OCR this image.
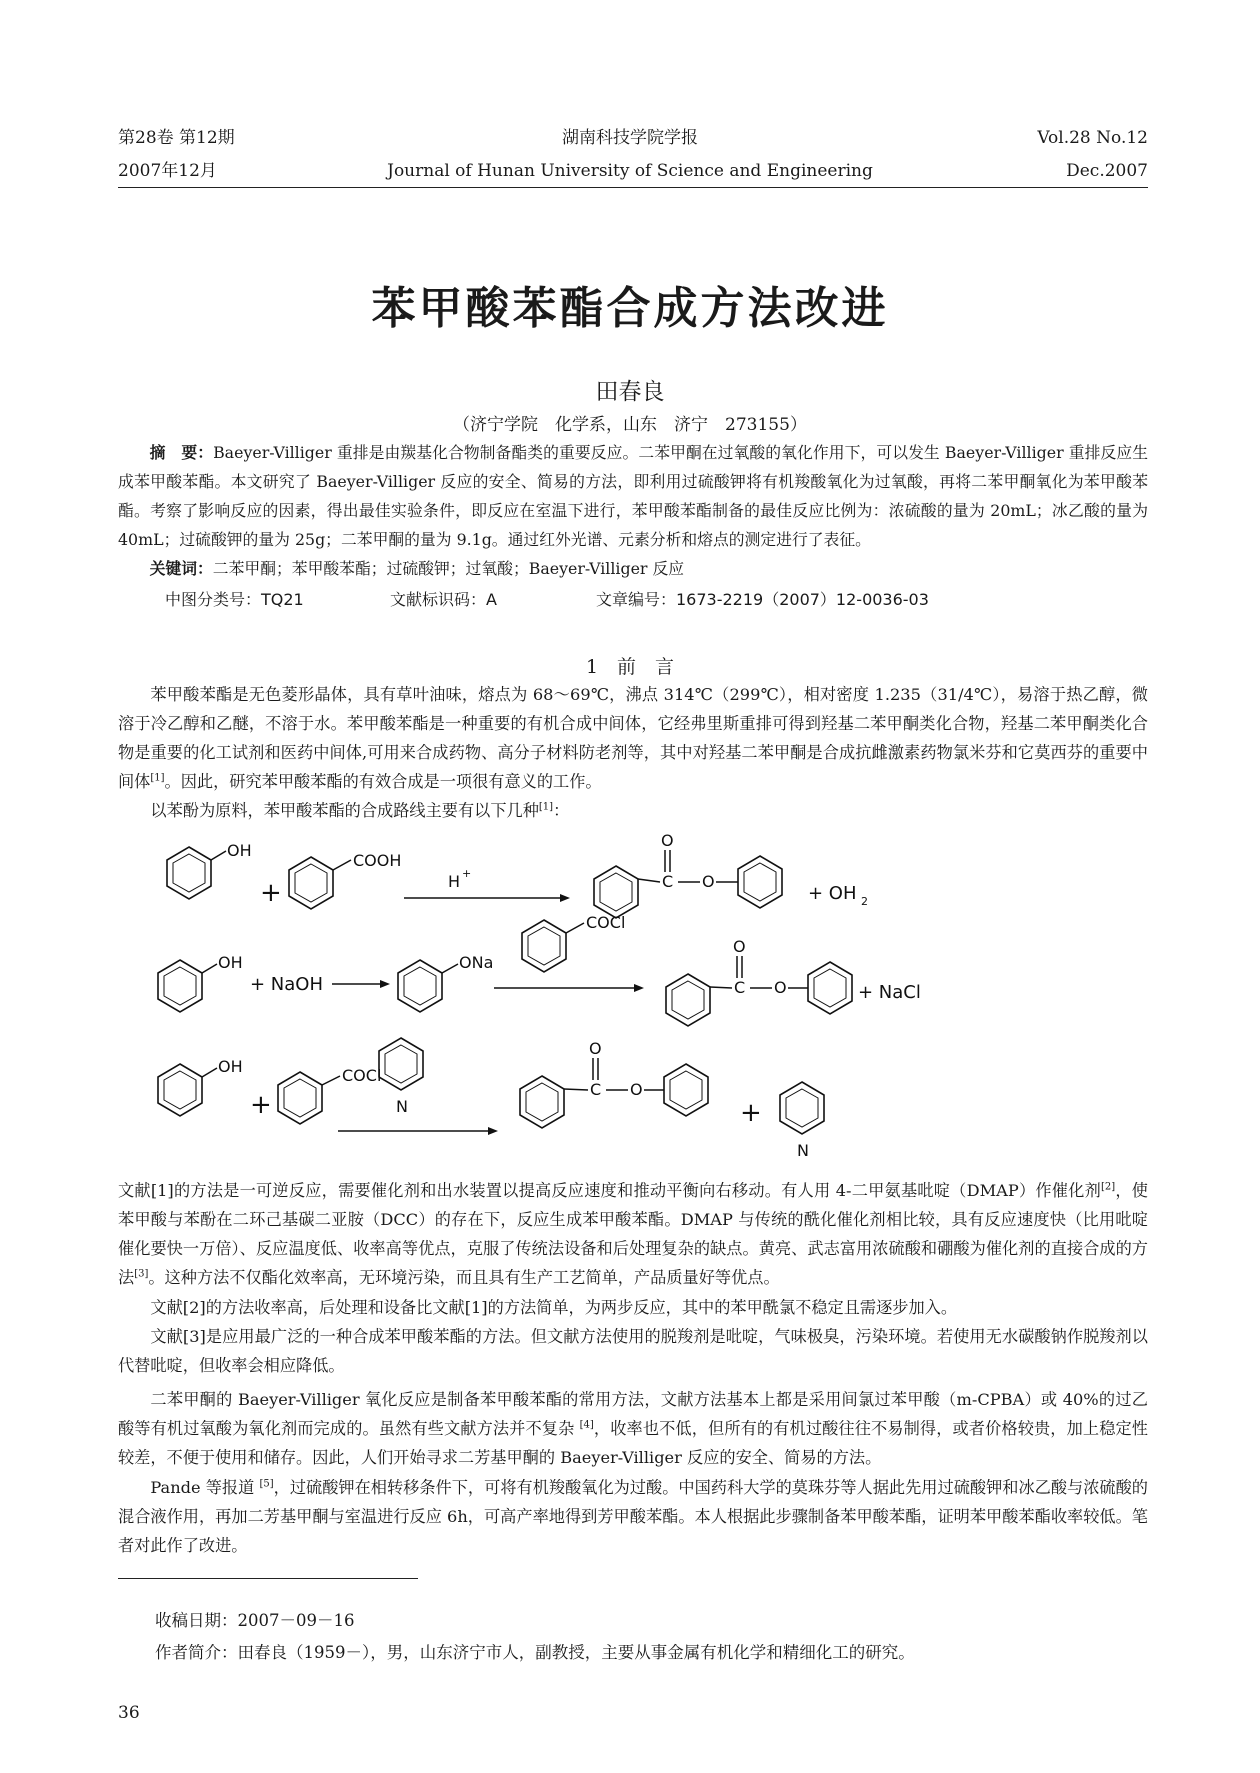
第28卷 第12期
2007年12月
湖南科技学院学报
Journal of Hunan University of Science and Engineering
Vol.28 No.12
Dec.2007
苯甲酸苯酯合成方法改进
田春良
（济宁学院　化学系，山东　济宁　273155）
摘　要：Baeyer-Villiger 重排是由羰基化合物制备酯类的重要反应。二苯甲酮在过氧酸的氧化作用下，可以发生 Baeyer-Villiger 重排反应生成苯甲酸苯酯。本文研究了 Baeyer-Villiger 反应的安全、简易的方法，即利用过硫酸钾将有机羧酸氧化为过氧酸，再将二苯甲酮氧化为苯甲酸苯酯。考察了影响反应的因素，得出最佳实验条件，即反应在室温下进行，苯甲酸苯酯制备的最佳反应比例为：浓硫酸的量为 20mL；冰乙酸的量为 40mL；过硫酸钾的量为 25g；二苯甲酮的量为 9.1g。通过红外光谱、元素分析和熔点的测定进行了表征。
关键词：二苯甲酮；苯甲酸苯酯；过硫酸钾；过氧酸；Baeyer-Villiger 反应
中图分类号：TQ21	文献标识码：A	文章编号：1673-2219（2007）12-0036-03
1　前　言
苯甲酸苯酯是无色菱形晶体，具有草叶油味，熔点为 68～69℃，沸点 314℃（299℃），相对密度 1.235（31/4℃），易溶于热乙醇，微溶于冷乙醇和乙醚，不溶于水。苯甲酸苯酯是一种重要的有机合成中间体，它经弗里斯重排可得到羟基二苯甲酮类化合物，羟基二苯甲酮类化合物是重要的化工试剂和医药中间体,可用来合成药物、高分子材料防老剂等，其中对羟基二苯甲酮是合成抗雌激素药物氯米芬和它莫西芬的重要中间体[1]。因此，研究苯甲酸苯酯的有效合成是一项很有意义的工作。
以苯酚为原料，苯甲酸苯酯的合成路线主要有以下几种[1]：
OH
+
COOH
H +	C
O
O
+ OH 2
OH
+ NaOH
ONa
COCl
C
O
O	+ NaCl
OH
+
COCl
N
C
O
O
+
N
文献[1]的方法是一可逆反应，需要催化剂和出水装置以提高反应速度和推动平衡向右移动。有人用 4-二甲氨基吡啶（DMAP）作催化剂[2]，使苯甲酸与苯酚在二环己基碳二亚胺（DCC）的存在下，反应生成苯甲酸苯酯。DMAP 与传统的酰化催化剂相比较，具有反应速度快（比用吡啶催化要快一万倍）、反应温度低、收率高等优点，克服了传统法设备和后处理复杂的缺点。黄亮、武志富用浓硫酸和硼酸为催化剂的直接合成的方法[3]。这种方法不仅酯化效率高，无环境污染，而且具有生产工艺简单，产品质量好等优点。
文献[2]的方法收率高，后处理和设备比文献[1]的方法简单，为两步反应，其中的苯甲酰氯不稳定且需逐步加入。
文献[3]是应用最广泛的一种合成苯甲酸苯酯的方法。但文献方法使用的脱羧剂是吡啶，气味极臭，污染环境。若使用无水碳酸钠作脱羧剂以代替吡啶，但收率会相应降低。
二苯甲酮的 Baeyer-Villiger 氧化反应是制备苯甲酸苯酯的常用方法，文献方法基本上都是采用间氯过苯甲酸（m-CPBA）或 40%的过乙酸等有机过氧酸为氧化剂而完成的。虽然有些文献方法并不复杂 [4]，收率也不低，但所有的有机过酸往往不易制得，或者价格较贵，加上稳定性较差，不便于使用和储存。因此，人们开始寻求二芳基甲酮的 Baeyer-Villiger 反应的安全、简易的方法。
Pande 等报道 [5]，过硫酸钾在相转移条件下，可将有机羧酸氧化为过酸。中国药科大学的莫珠芬等人据此先用过硫酸钾和冰乙酸与浓硫酸的混合液作用，再加二芳基甲酮与室温进行反应 6h，可高产率地得到芳甲酸苯酯。本人根据此步骤制备苯甲酸苯酯，证明苯甲酸苯酯收率较低。笔者对此作了改进。
收稿日期：2007－09－16
作者简介：田春良（1959－），男，山东济宁市人，副教授，主要从事金属有机化学和精细化工的研究。
36
